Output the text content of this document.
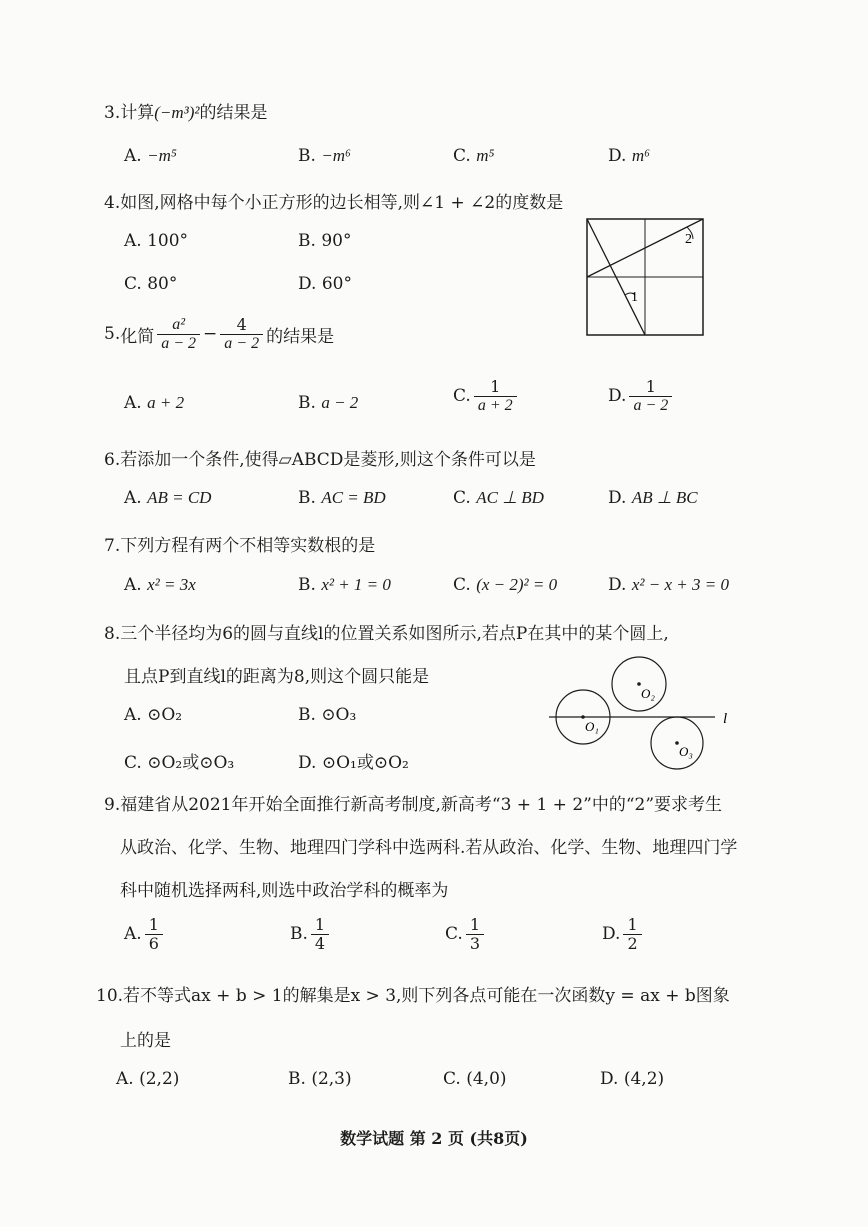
3.计算(−m³)²的结果是
A. −m⁵	B. −m⁶	C. m⁵	D. m⁶
4.如图,网格中每个小正方形的边长相等,则∠1 + ∠2的度数是
A. 100°	B. 90°
C. 80°	D. 60°
2
1
5.化简 $\frac{\text{a²}}{a - 2} - \frac{4}{a - 2}$ 的结果是
A. a + 2	B. a − 2	C. $\frac{1}{a + 2}$	D. $\frac{1}{a - 2}$
6.若添加一个条件,使得▱ABCD是菱形,则这个条件可以是
A. AB = CD	B. AC = BD	C. AC ⊥ BD	D. AB ⊥ BC
7.下列方程有两个不相等实数根的是
A. x² = 3x	B. x² + 1 = 0	C. (x − 2)² = 0	D. x² − x + 3 = 0
8.三个半径均为6的圆与直线l的位置关系如图所示,若点P在其中的某个圆上,
且点P到直线l的距离为8,则这个圆只能是
A. ⊙O₂	B. ⊙O₃
C. ⊙O₂或⊙O₃	D. ⊙O₁或⊙O₂
l
O₁
O₂
O₃
9.福建省从2021年开始全面推行新高考制度,新高考“3 + 1 + 2”中的“2”要求考生
从政治、化学、生物、地理四门学科中选两科.若从政治、化学、生物、地理四门学
科中随机选择两科,则选中政治学科的概率为
A. $\frac{1}{6}$	B. $\frac{1}{4}$	C. $\frac{1}{3}$	D. $\frac{1}{2}$
10.若不等式ax + b > 1的解集是x > 3,则下列各点可能在一次函数y = ax + b图象
上的是
A. (2,2)	B. (2,3)	C. (4,0)	D. (4,2)
数学试题 第 2 页 (共8页)
